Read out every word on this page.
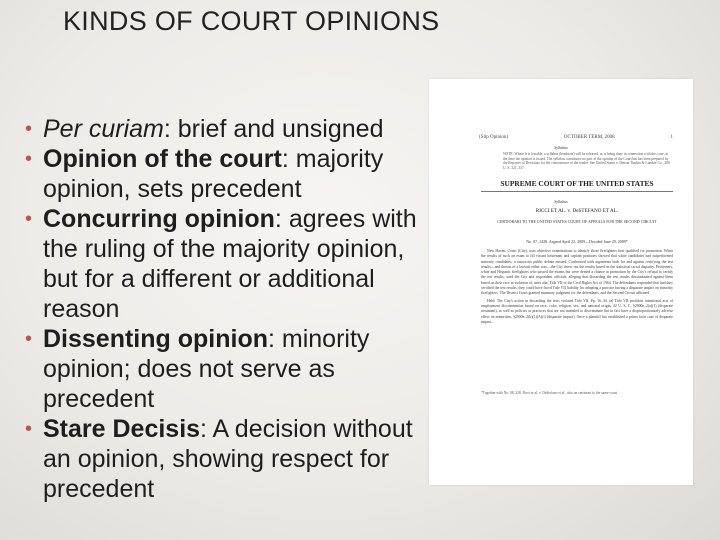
KINDS OF COURT OPINIONS
• Per curiam: brief and unsigned
• Opinion of the court: majority opinion, sets precedent
• Concurring opinion: agrees with the ruling of the majority opinion, but for a different or additional reason
• Dissenting opinion: minority opinion; does not serve as precedent
• Stare Decisis: A decision without an opinion, showing respect for precedent
(Slip Opinion)	OCTOBER TERM, 2008	1
Syllabus
NOTE: Where it is feasible, a syllabus (headnote) will be released, as is being done in connection with this case, at the time the opinion is issued. The syllabus constitutes no part of the opinion of the Court but has been prepared by the Reporter of Decisions for the convenience of the reader. See United States v. Detroit Timber & Lumber Co., 200 U. S. 321, 337.
SUPREME COURT OF THE UNITED STATES
Syllabus
RICCI ET AL. v. DeSTEFANO ET AL.
CERTIORARI TO THE UNITED STATES COURT OF APPEALS FOR THE SECOND CIRCUIT
No. 07–1428. Argued April 22, 2009—Decided June 29, 2009*

New Haven, Conn. (City), uses objective examinations to identify those firefighters best qualified for promotion. When the results of such an exam to fill vacant lieutenant and captain positions showed that white candidates had outperformed minority candidates, a rancorous public debate ensued. Confronted with arguments both for and against certifying the test results—and threats of a lawsuit either way—the City threw out the results based on the statistical racial disparity. Petitioners, white and Hispanic firefighters who passed the exams but were denied a chance at promotion by the City's refusal to certify the test results, sued the City and respondent officials, alleging that discarding the test results discriminated against them based on their race in violation of, inter alia, Title VII of the Civil Rights Act of 1964. The defendants responded that had they certified the test results, they could have faced Title VII liability for adopting a practice having a disparate impact on minority firefighters. The District Court granted summary judgment for the defendants, and the Second Circuit affirmed.

Held: The City's action in discarding the tests violated Title VII. Pp. 16–34. (a) Title VII prohibits intentional acts of employment discrimination based on race, color, religion, sex, and national origin, 42 U. S. C. §2000e–2(a)(1) (disparate treatment), as well as policies or practices that are not intended to discriminate but in fact have a disproportionately adverse effect on minorities, §2000e–2(k)(1)(A)(i) (disparate impact). Once a plaintiff has established a prima facie case of disparate impact...

*Together with No. 08–328, Ricci et al. v. DeStefano et al., also on certiorari to the same court.
